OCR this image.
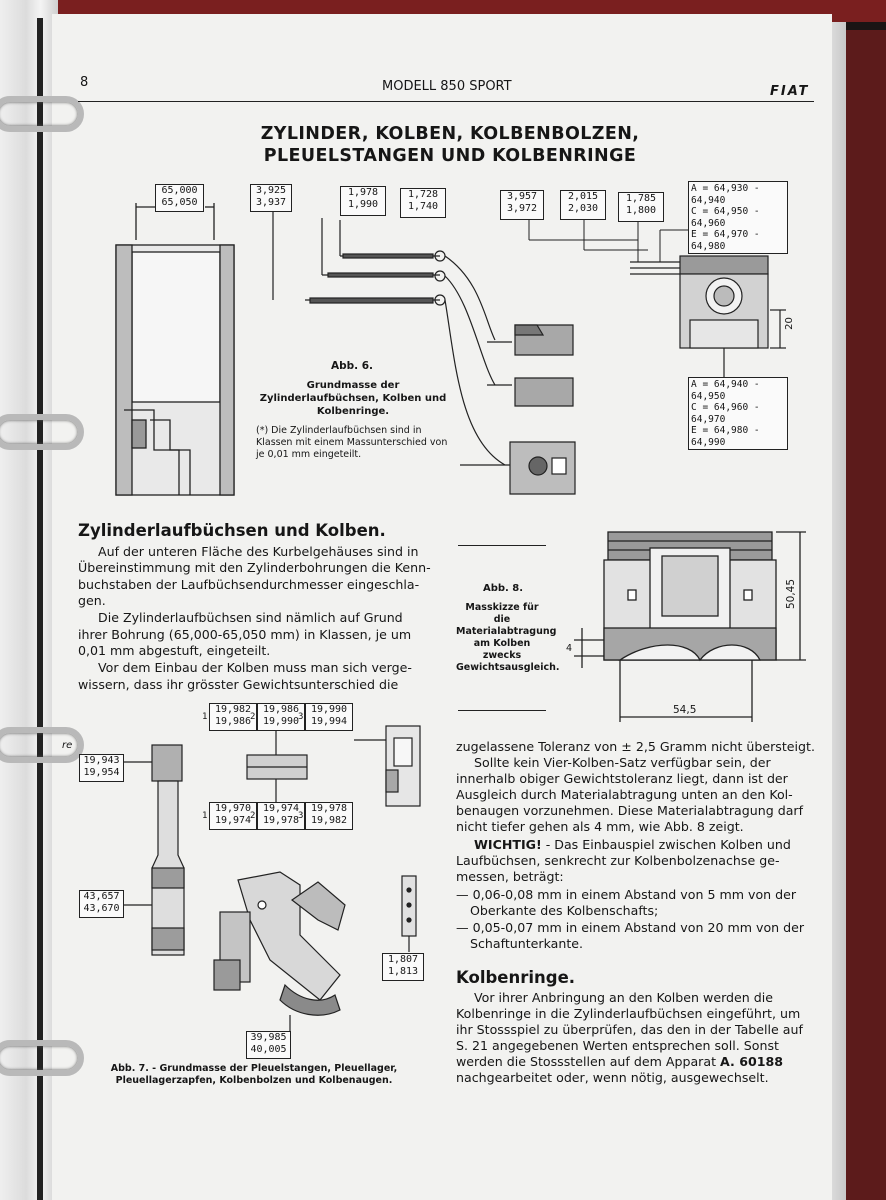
8	MODELL 850 SPORT	FIAT
ZYLINDER, KOLBEN, KOLBENBOLZEN,
PLEUELSTANGEN UND KOLBENRINGE
65,000
65,050
3,925
3,937
1,978
1,990
1,728
1,740
3,957
3,972
2,015
2,030
1,785
1,800
A = 64,930 - 64,940
C = 64,950 - 64,960
E = 64,970 - 64,980
A = 64,940 - 64,950
C = 64,960 - 64,970
E = 64,980 - 64,990
20
Abb. 6.
Grundmasse der Zylinderlaufbüchsen, Kolben und Kolbenringe.
(*) Die Zylinderlaufbüchsen sind in Klassen mit einem Massunterschied von je 0,01 mm eingeteilt.
Zylinderlaufbüchsen und Kolben.
Auf der unteren Fläche des Kurbelgehäuses sind in
Übereinstimmung mit den Zylinderbohrungen die Kenn-
buchstaben der Laufbüchsendurchmesser eingeschla-
gen.
Die Zylinderlaufbüchsen sind nämlich auf Grund
ihrer Bohrung (65,000-65,050 mm) in Klassen, je um
0,01 mm abgestuft, eingeteilt.
Vor dem Einbau der Kolben muss man sich verge-
wissern, dass ihr grösster Gewichtsunterschied die
Abb. 8.
Masskizze für die Materialabtragung am Kolben zwecks Gewichtsausgleich.
50,45
54,5
4
re
1
19,982
19,986
2
19,986
19,990
3
19,990
19,994
1
19,970
19,974
2
19,974
19,978
3
19,978
19,982
19,943
19,954
43,657
43,670
39,985
40,005
1,807
1,813
Abb. 7. - Grundmasse der Pleuelstangen, Pleuellager, Pleuellagerzapfen, Kolbenbolzen und Kolbenaugen.
zugelassene Toleranz von ± 2,5 Gramm nicht übersteigt.
Sollte kein Vier-Kolben-Satz verfügbar sein, der
innerhalb obiger Gewichtstoleranz liegt, dann ist der
Ausgleich durch Materialabtragung unten an den Kol-
benaugen vorzunehmen. Diese Materialabtragung darf
nicht tiefer gehen als 4 mm, wie Abb. 8 zeigt.
WICHTIG! - Das Einbauspiel zwischen Kolben und
Laufbüchsen, senkrecht zur Kolbenbolzenachse ge-
messen, beträgt:
— 0,06-0,08 mm in einem Abstand von 5 mm von der
Oberkante des Kolbenschafts;
— 0,05-0,07 mm in einem Abstand von 20 mm von der
Schaftunterkante.
Kolbenringe.
Vor ihrer Anbringung an den Kolben werden die
Kolbenringe in die Zylinderlaufbüchsen eingeführt, um
ihr Stossspiel zu überprüfen, das den in der Tabelle auf
S. 21 angegebenen Werten entsprechen soll. Sonst
werden die Stossstellen auf dem Apparat A. 60188
nachgearbeitet oder, wenn nötig, ausgewechselt.
